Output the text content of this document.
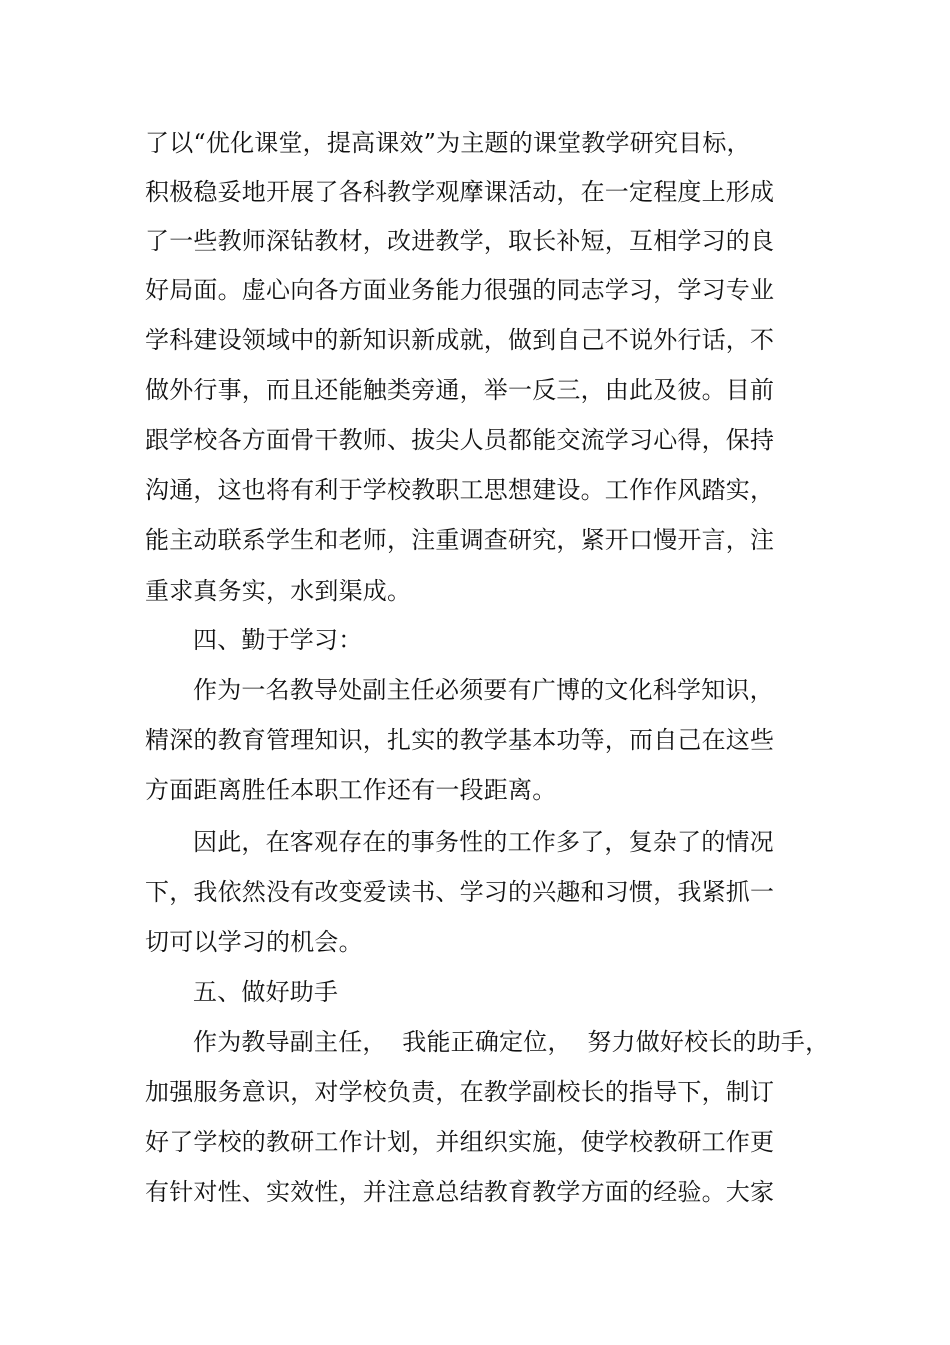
了以“优化课堂，提高课效”为主题的课堂教学研究目标，
积极稳妥地开展了各科教学观摩课活动，在一定程度上形成
了一些教师深钻教材，改进教学，取长补短，互相学习的良
好局面。虚心向各方面业务能力很强的同志学习，学习专业
学科建设领域中的新知识新成就，做到自己不说外行话，不
做外行事，而且还能触类旁通，举一反三，由此及彼。目前
跟学校各方面骨干教师、拔尖人员都能交流学习心得，保持
沟通，这也将有利于学校教职工思想建设。工作作风踏实，
能主动联系学生和老师，注重调查研究，紧开口慢开言，注
重求真务实，水到渠成。
四、勤于学习：
作为一名教导处副主任必须要有广博的文化科学知识，
精深的教育管理知识，扎实的教学基本功等，而自己在这些
方面距离胜任本职工作还有一段距离。
因此，在客观存在的事务性的工作多了，复杂了的情况
下，我依然没有改变爱读书、学习的兴趣和习惯，我紧抓一
切可以学习的机会。
五、做好助手
作为教导副主任，  我能正确定位，  努力做好校长的助手，
加强服务意识，对学校负责，在教学副校长的指导下，制订
好了学校的教研工作计划，并组织实施，使学校教研工作更
有针对性、实效性，并注意总结教育教学方面的经验。大家
